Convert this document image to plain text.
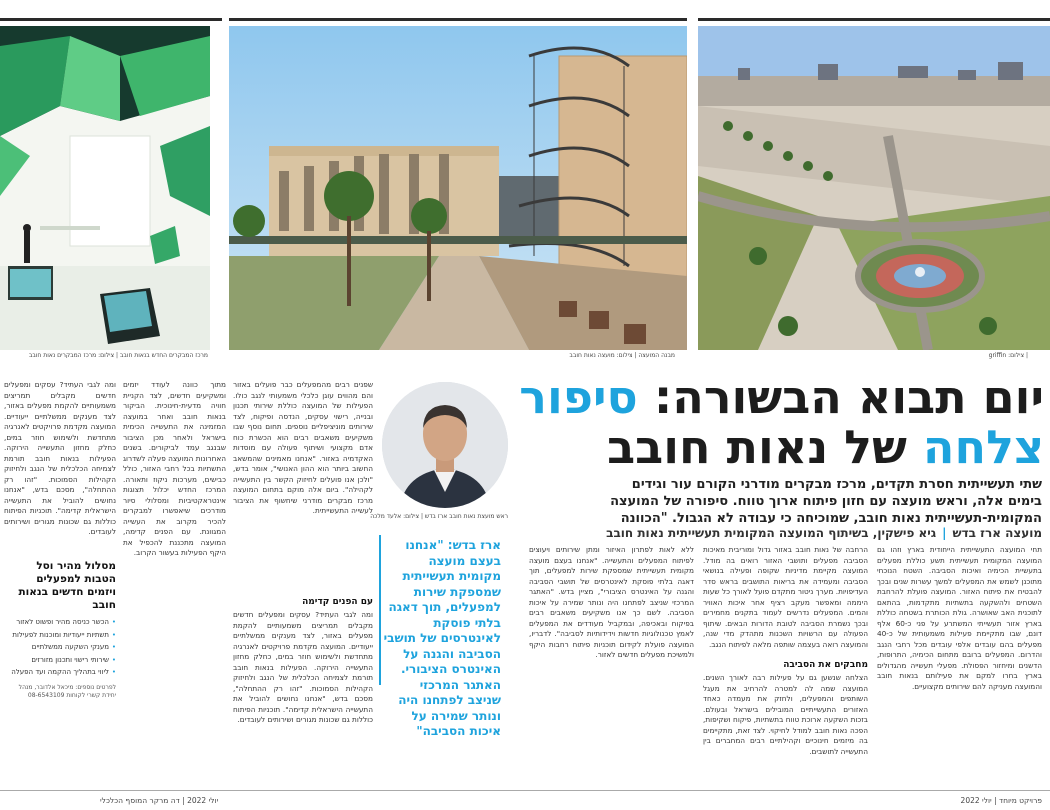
מרכז המבקרים החדש בנאות חובב | צילום: מרכז המבקרים נאות חובב	מבנה המועצה | צילום: מועצה נאות חובב	| צילום: griffin
יום תבוא הבשורה: סיפור
צלחה של נאות חובב
שתי תעשייתית חסרת תקדים, מרכז מבקרים מודרני הקורם עור וגידים בימים אלה, וראש מועצה עם חזון פיתוח ארוך טווח. סיפורה של המועצה המקומית-תעשייתית נאות חובב, שמוכיחה כי עבודה לא הגבול. "הכוונה
מועצה ארז בדש|גיא פישקין, בשיתוף המועצה המקומית תעשייתית נאות חובב

תחי המועצה התעשייתית הייחודית בארץ וזהו גם המועצה המקומית תעשייתית תשע כוללת מפעלים בתעשיית הכימיה ואיכות הסביבה. השטח הנוכחי מתוכנן לשמש את המפעלים למשך עשרות שנים ובכך להבטיח את פיתוח האזור. המועצה פועלת להרחבת השטחים ולהשקעה בתשתיות מתקדמות, בהתאם לתוכנית האב שאושרה. גולת הכותרת בשטחה כוללת בארץ אזור תעשייתי המשתרע על פני כ-60 אלף דונם, שבו מתקיימת פעילות משמעותית של כ-40 מפעלים בהם עובדים אלפי עובדים מכל רחבי הנגב והדרום. המפעלים ברובם מתחום הכימיה, התרופות, הדשנים ומיחזור הפסולת. מפעלי תעשייה מהגדולים בארץ בחרו למקם את פעילותם בנאות חובב והמועצה מעניקה להם שירותים מקצועיים.

הרחבה של נאות חובב באזור גדול ומוריבית מאיכות הסביבה מפעלים ותושבי האזור רואים בה מודל. המועצה מקיימת מדיניות שקופה ופעילה בנושאי הסביבה ומעמידה את בריאות התושבים בראש סדר העדיפויות. מערך ניטור מתקדם פועל לאורך כל שעות היממה ומאפשר מעקב רציף אחר איכות האוויר והמים. המפעלים נדרשים לעמוד בתקנים מחמירים ובכך נשמרת הסביבה לטובת הדורות הבאים. שיתוף הפעולה עם הרשויות השכנות מתהדק מדי שנה, והמועצה רואה בעצמה שותפה מלאה לפיתוח הנגב.

מחבקים את הסביבה

הצלחה שנשען גם על פעילות רבה לאורך השנים. המועצה שמה לה למטרה להרחיב את מעגל השותפים והמפעלים, ולחזק את מעמדה כאחד האזורים התעשייתיים המובילים בישראל ובעולם. בזכות השקעה ארוכת טווח בתשתיות, פיקוח ושקיפות, הפכה נאות חובב למודל לחיקוי. לצד זאת, מתקיימים בה מיזמים חינוכיים וקהילתיים רבים המחברים בין התעשייה לתושבים.

ללא לאות לפתרון האיזור ומתן שירותים ויעוצים לפיתוח המפעלים והתעשייה. "אנחנו בעצם מועצה מקומית תעשייתית שמספקת שירות למפעלים, תוך דאגה בלתי פוסקת לאינטרסים של תושבי הסביבה והגנה על האינטרס הציבורי", מציין בדש. "האתגר המרכזי שניצב לפתחנו היה ונותר שמירה על איכות הסביבה. לשם כך אנו משקיעים משאבים רבים בפיקוח ובאכיפה, ובמקביל מעודדים את המפעלים לאמץ טכנולוגיות חדשות וידידותיות לסביבה". לדבריו, המועצה פועלת לקידום תוכניות פיתוח רחבות היקף ולמשיכת מפעלים חדשים לאזור.

ראש מועצת נאות חובב ארז בדש | צילום: אלעד מלכה
ארז בדש: "אנחנו בעצם מועצה מקומית תעשייתית שמספקת שירות למפעלים, תוך דאגה בלתי פוסקת לאינטרסים של תושבי הסביבה והגנה על האינטרס הציבורי. האתגר המרכזי שניצב לפתחנו היה ונותר שמירה על איכות הסביבה"

שפנים רבים מהמפעלים כבר פועלים באזור והם מהווים עוגן כלכלי משמעותי לנגב כולו. הפעילות של המועצה כוללת שירותי תכנון ובנייה, רישוי עסקים, הנדסה ופיקוח, לצד שירותים מוניציפליים נוספים. תחום נוסף שבו משקיעים משאבים רבים הוא הכשרת כוח אדם מקצועי ושיתוף פעולה עם מוסדות האקדמיה באזור. "אנחנו מאמינים שהמשאב החשוב ביותר הוא ההון האנושי", אומר בדש, "ולכן אנו פועלים לחיזוק הקשר בין התעשייה לקהילה". ביום אלה מוקם בתחום המועצה מרכז מבקרים מודרני שיחשוף את הציבור לעשייה התעשייתית.

עם הפנים קדימה

ומה לגבי העתיד? עסקים ומפעלים חדשים מקבלים תמריצים משמעותיים להקמת מפעלים באזור, לצד מענקים ממשלתיים ייעודיים. המועצה מקדמת פרויקטים לאנרגיה מתחדשת ולשימוש חוזר במים, כחלק מחזון התעשייה הירוקה. הפעילות בנאות חובב תורמת לצמיחה הכלכלית של הנגב ולחיזוק הקהילות הסמוכות. "זהו רק ההתחלה", מסכם בדש, "אנחנו נחושים להוביל את התעשייה הישראלית קדימה". תוכניות הפיתוח כוללות גם שכונות מגורים ושירותים לעובדים.

מתוך כוונה לעודד יזמים ומשקיעים חדשים, לצד הקניית חוויה מדעית-חינוכית. הביקור בנאות חובב ואחר במועצה המזמינה את התעשייה הכימית בישראל ולאחר מכן הציבור שבנגב עמד לביקורים. בשנים האחרונות המועצה פעלה לשדרוג התשתיות בכל רחבי האזור, כולל כבישים, מערכות ניקוז ותאורה. המרכז החדש יכלול תצוגות אינטראקטיביות ומסלולי סיור מודרכים שיאפשרו למבקרים להכיר מקרוב את העשייה המגוונת. עם הפנים קדימה, המועצה מתכננת להכפיל את היקף הפעילות בעשור הקרוב.

ומה לגבי העתיד? עסקים ומפעלים חדשים מקבלים תמריצים משמעותיים להקמת מפעלים באזור, לצד מענקים ממשלתיים ייעודיים. המועצה מקדמת פרויקטים לאנרגיה מתחדשת ולשימוש חוזר במים, כחלק מחזון התעשייה הירוקה. הפעילות בנאות חובב תורמת לצמיחה הכלכלית של הנגב ולחיזוק הקהילות הסמוכות. "זהו רק ההתחלה", מסכם בדש, "אנחנו נחושים להוביל את התעשייה הישראלית קדימה". תוכניות הפיתוח כוללות גם שכונות מגורים ושירותים לעובדים.

מסלול מהיר וסל הטבות למפעלים ויזמים חדשים בנאות חובב
• הכשר כניסה מהיר ופשוט לאזור
• תשתיות ייעודיות ומוכנות לפעילות
• מענקי השקעה ממשלתיים
• שירותי רישוי ותכנון מזורזים
• ליווי בתהליך ההקמה ועד הפעלה
לפרטים נוספים: מיכאל אלדובר, מנהל יחידת קשרי לקוחות 08-6543109
פרויקט מיוחד | יולי 2022
יולי 2022 | דה מרקר המוסף הכלכלי
